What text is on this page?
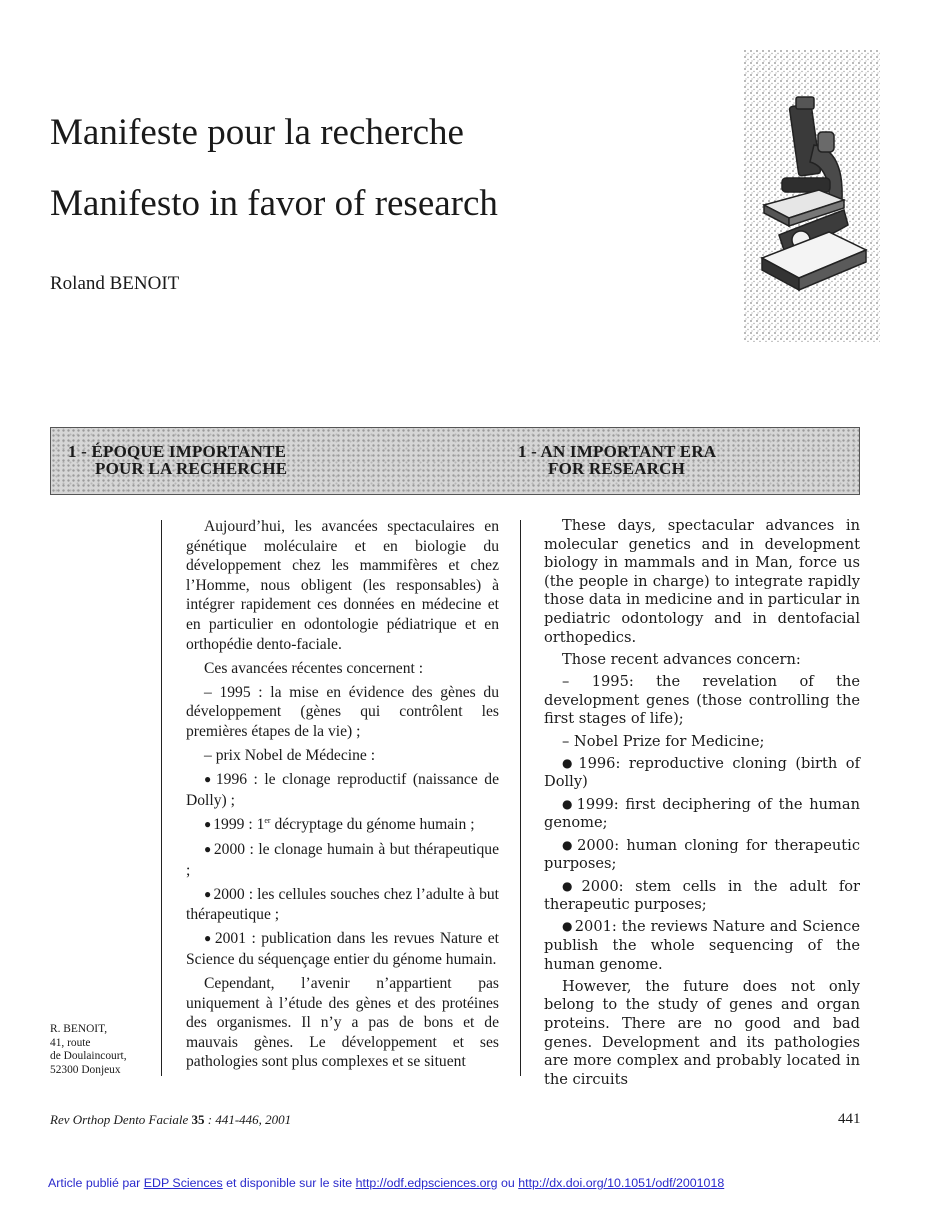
Manifeste pour la recherche
Manifesto in favor of research
Roland BENOIT
1 - ÉPOQUE IMPORTANTE
POUR LA RECHERCHE
1 - AN IMPORTANT ERA
FOR RESEARCH

Aujourd’hui, les avancées spectaculaires en génétique moléculaire et en biologie du développement chez les mammifères et chez l’Homme, nous obligent (les responsables) à intégrer rapidement ces données en médecine et en particulier en odontologie pédiatrique et en orthopédie dento-faciale.

Ces avancées récentes concernent :

– 1995 : la mise en évidence des gènes du développement (gènes qui contrôlent les premières étapes de la vie) ;

– prix Nobel de Médecine :

● 1996 : le clonage reproductif (naissance de Dolly) ;

● 1999 : 1er décryptage du génome humain ;

● 2000 : le clonage humain à but thérapeutique ;

● 2000 : les cellules souches chez l’adulte à but thérapeutique ;

● 2001 : publication dans les revues Nature et Science du séquençage entier du génome humain.

Cependant, l’avenir n’appartient pas uniquement à l’étude des gènes et des protéines des organismes. Il n’y a pas de bons et de mauvais gènes. Le développement et ses pathologies sont plus complexes et se situent

These days, spectacular advances in molecular genetics and in development biology in mammals and in Man, force us (the people in charge) to integrate rapidly those data in medicine and in particular in pediatric odontology and in dentofacial orthopedics.

Those recent advances concern:

– 1995: the revelation of the development genes (those controlling the first stages of life);

– Nobel Prize for Medicine;

● 1996: reproductive cloning (birth of Dolly)

● 1999: first deciphering of the human genome;

● 2000: human cloning for therapeutic purposes;

● 2000: stem cells in the adult for therapeutic purposes;

● 2001: the reviews Nature and Science publish the whole sequencing of the human genome.

However, the future does not only belong to the study of genes and organ proteins. There are no good and bad genes. Development and its pathologies are more complex and probably located in the circuits

R. BENOIT,
41, route
de Doulaincourt,
52300 Donjeux
Rev Orthop Dento Faciale 35 : 441-446, 2001	441
Article publié par EDP Sciences et disponible sur le site http://odf.edpsciences.org ou http://dx.doi.org/10.1051/odf/2001018
